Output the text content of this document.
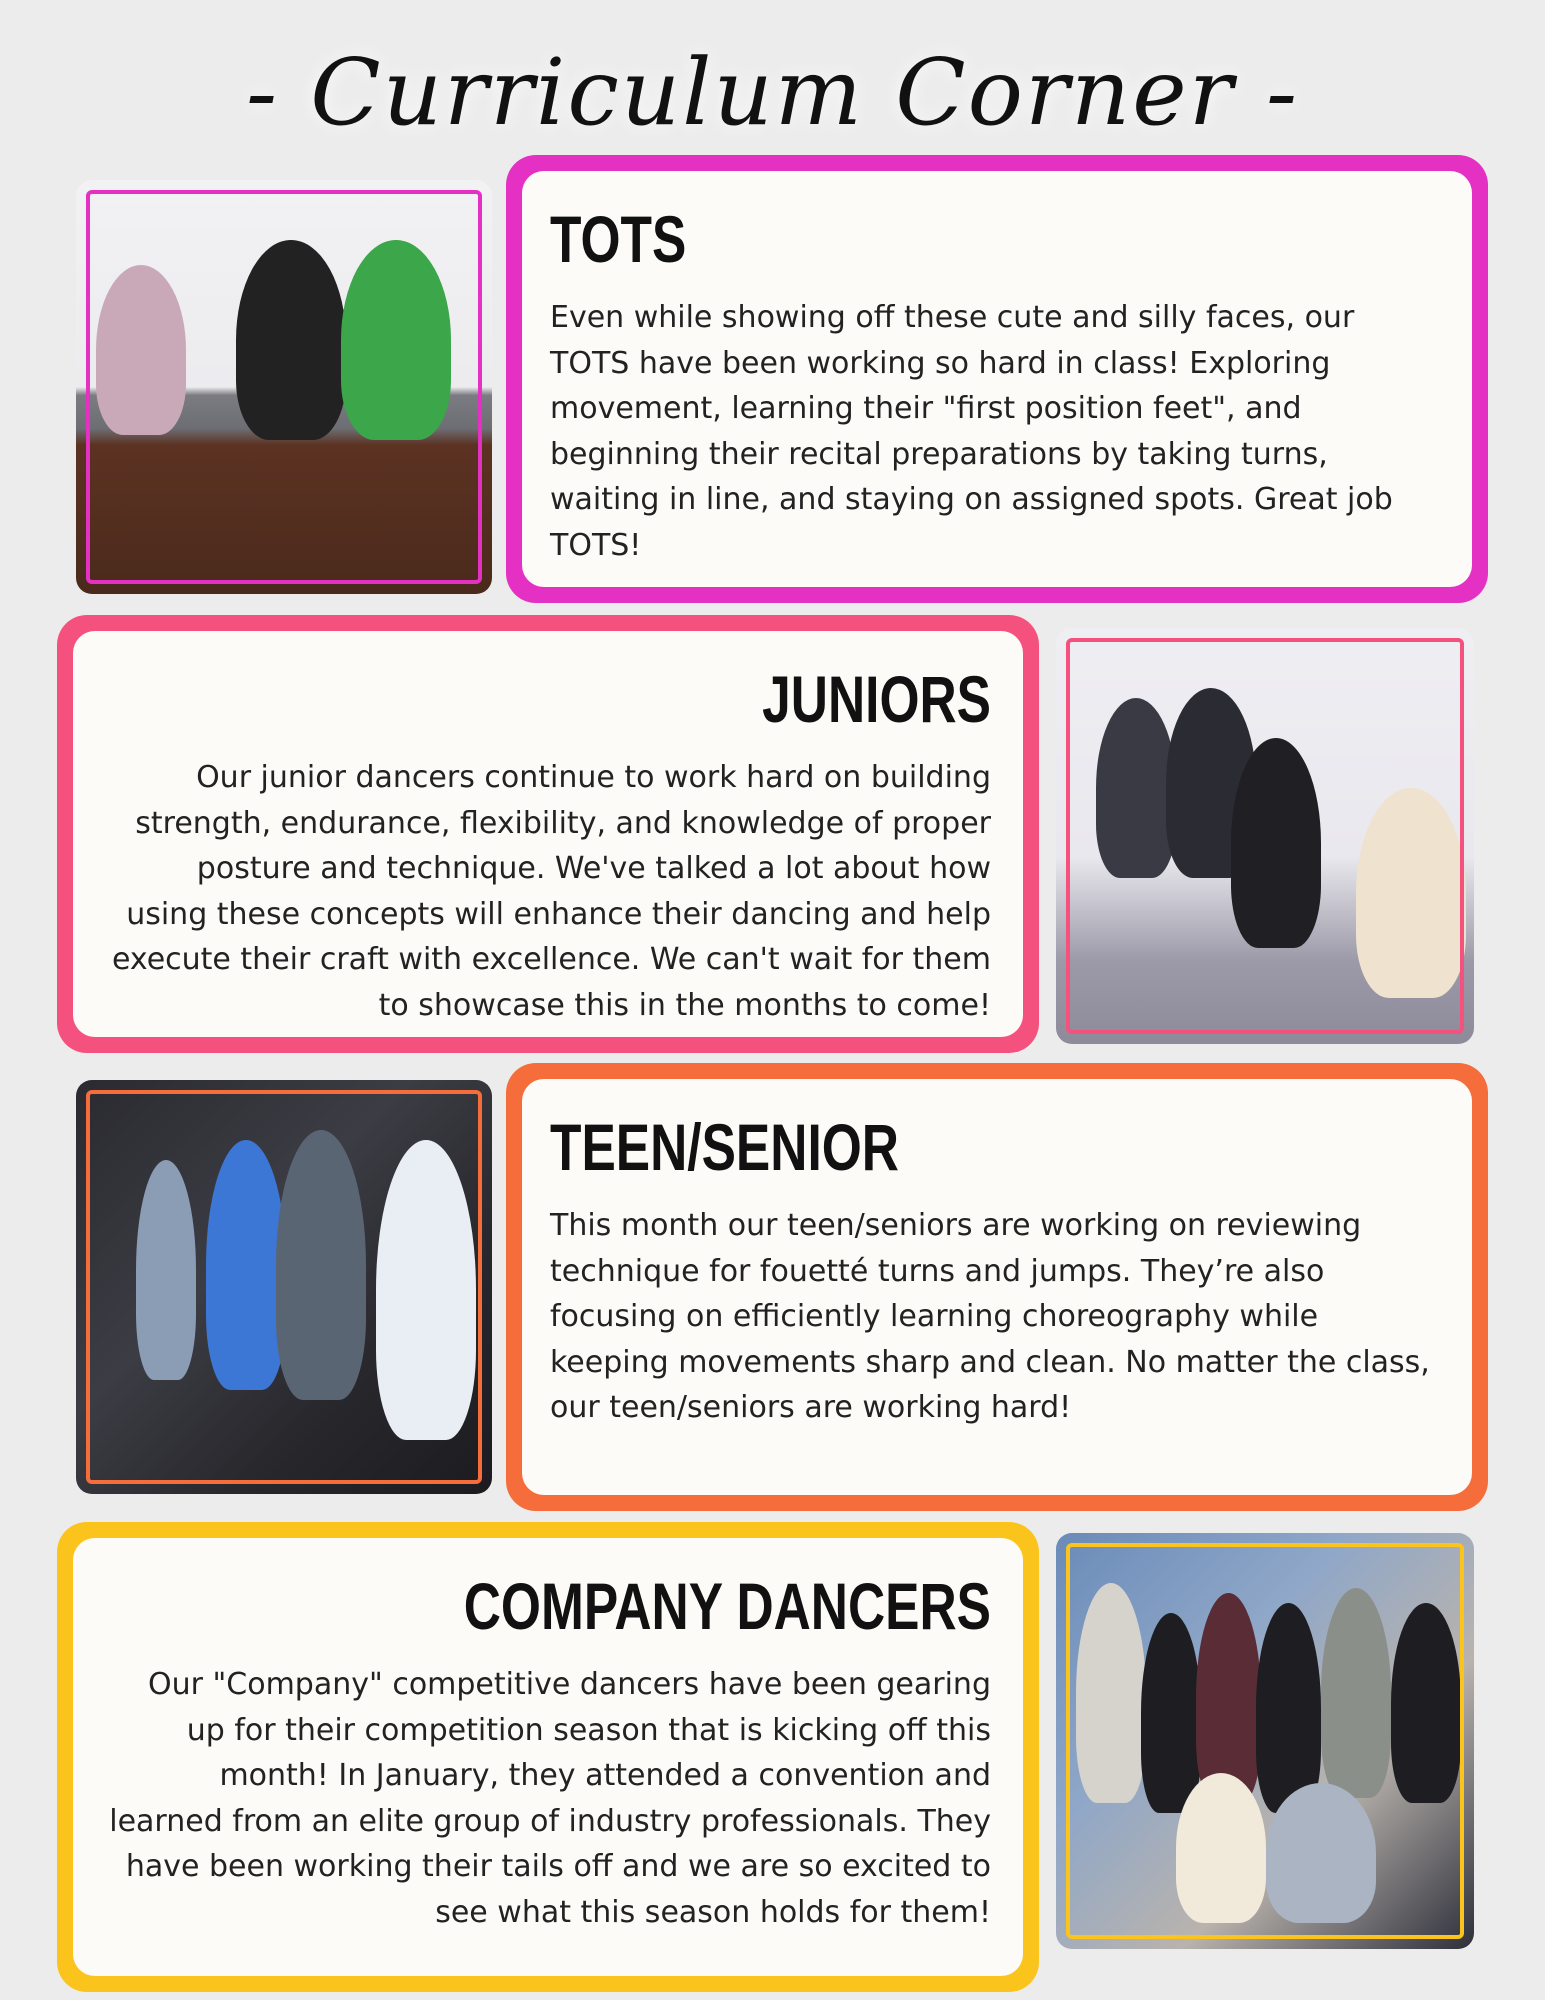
- Curriculum Corner -
TOTS

Even while showing off these cute and silly faces, our TOTS have been working so hard in class! Exploring movement, learning their "first position feet", and beginning their recital preparations by taking turns, waiting in line, and staying on assigned spots. Great job TOTS!

JUNIORS

Our junior dancers continue to work hard on building strength, endurance, flexibility, and knowledge of proper posture and technique. We've talked a lot about how using these concepts will enhance their dancing and help execute their craft with excellence. We can't wait for them to showcase this in the months to come!

TEEN/SENIOR

This month our teen/seniors are working on reviewing technique for fouetté turns and jumps. They’re also focusing on efficiently learning choreography while keeping movements sharp and clean. No matter the class, our teen/seniors are working hard!

COMPANY DANCERS

Our "Company" competitive dancers have been gearing up for their competition season that is kicking off this month! In January, they attended a convention and learned from an elite group of industry professionals. They have been working their tails off and we are so excited to see what this season holds for them!
